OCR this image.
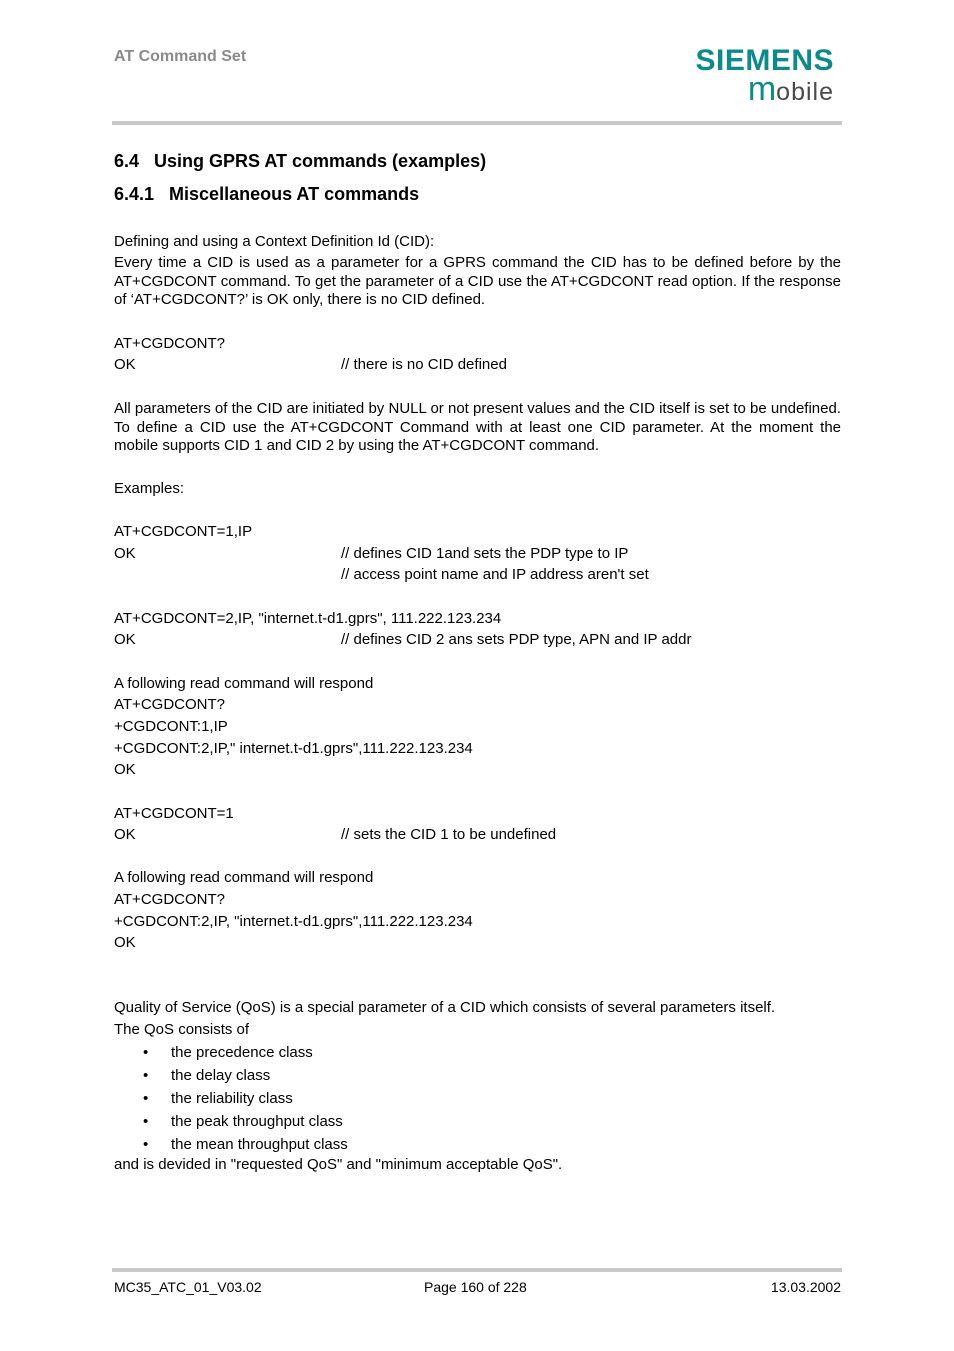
AT Command Set	SIEMENS
mobile
6.4   Using GPRS AT commands (examples)
6.4.1   Miscellaneous AT commands
Defining and using a Context Definition Id (CID):
Every time a CID is used as a parameter for a GPRS command the CID has to be defined before by the AT+CGDCONT command. To get the parameter of a CID use the AT+CGDCONT read option. If the response of ‘AT+CGDCONT?’ is OK only, there is no CID defined.
AT+CGDCONT?
OK	// there is no CID defined
All parameters of the CID are initiated by NULL or not present values and the CID itself is set to be undefined. To define a CID use the AT+CGDCONT Command with at least one CID parameter. At the moment the mobile supports CID 1 and CID 2 by using the AT+CGDCONT command.
Examples:
AT+CGDCONT=1,IP
OK	// defines CID 1and sets the PDP type to IP
// access point name and IP address aren't set
AT+CGDCONT=2,IP, "internet.t-d1.gprs", 111.222.123.234
OK	// defines CID 2 ans sets PDP type, APN and IP addr
A following read command will respond
AT+CGDCONT?
+CGDCONT:1,IP
+CGDCONT:2,IP," internet.t-d1.gprs",111.222.123.234
OK
AT+CGDCONT=1
OK	// sets the CID 1 to be undefined
A following read command will respond
AT+CGDCONT?
+CGDCONT:2,IP, "internet.t-d1.gprs",111.222.123.234
OK
Quality of Service (QoS) is a special parameter of a CID which consists of several parameters itself.
The QoS consists of
• the precedence class
• the delay class
• the reliability class
• the peak throughput class
• the mean throughput class
and is devided in "requested QoS" and "minimum acceptable QoS".
MC35_ATC_01_V03.02	Page 160 of 228	13.03.2002
